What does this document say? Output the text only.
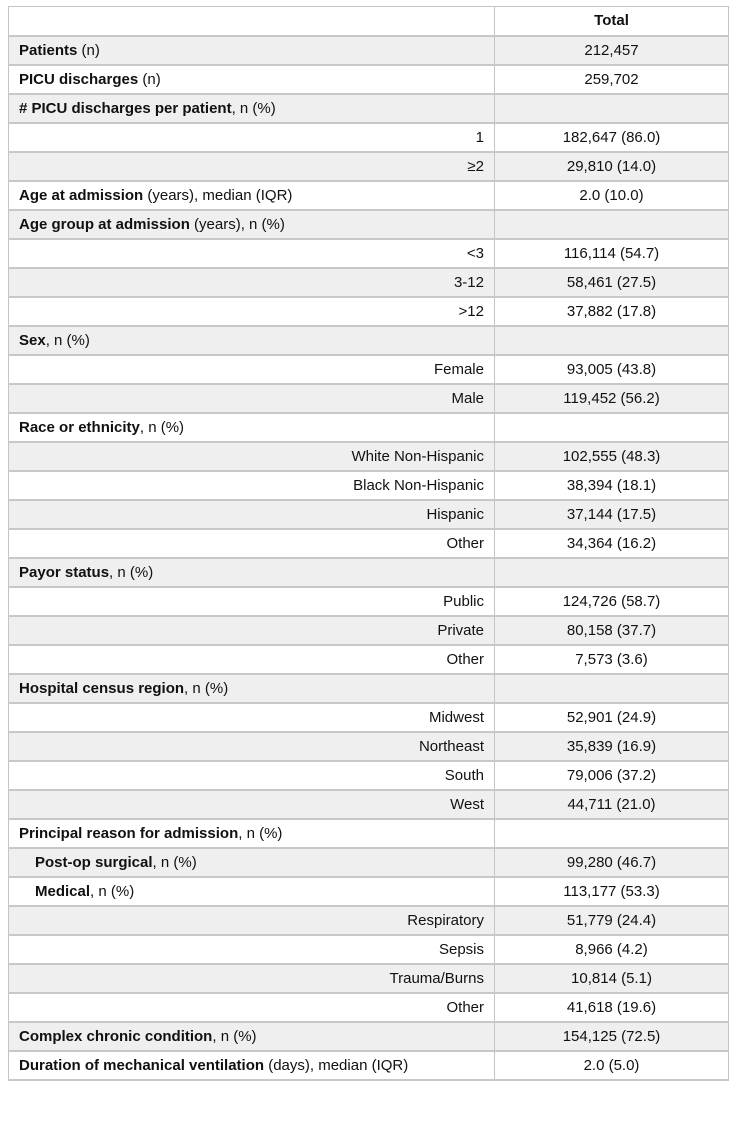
	Total
Patients (n)	212,457
PICU discharges (n)	259,702
# PICU discharges per patient, n (%)	
1	182,647 (86.0)
≥2	29,810 (14.0)
Age at admission (years), median (IQR)	2.0 (10.0)
Age group at admission (years), n (%)	
<3	116,114 (54.7)
3-12	58,461 (27.5)
>12	37,882 (17.8)
Sex, n (%)	
Female	93,005 (43.8)
Male	119,452 (56.2)
Race or ethnicity, n (%)	
White Non-Hispanic	102,555 (48.3)
Black Non-Hispanic	38,394 (18.1)
Hispanic	37,144 (17.5)
Other	34,364 (16.2)
Payor status, n (%)	
Public	124,726 (58.7)
Private	80,158 (37.7)
Other	7,573 (3.6)
Hospital census region, n (%)	
Midwest	52,901 (24.9)
Northeast	35,839 (16.9)
South	79,006 (37.2)
West	44,711 (21.0)
Principal reason for admission, n (%)	
Post-op surgical, n (%)	99,280 (46.7)
Medical, n (%)	113,177 (53.3)
Respiratory	51,779 (24.4)
Sepsis	8,966 (4.2)
Trauma/Burns	10,814 (5.1)
Other	41,618 (19.6)
Complex chronic condition, n (%)	154,125 (72.5)
Duration of mechanical ventilation (days), median (IQR)	2.0 (5.0)
